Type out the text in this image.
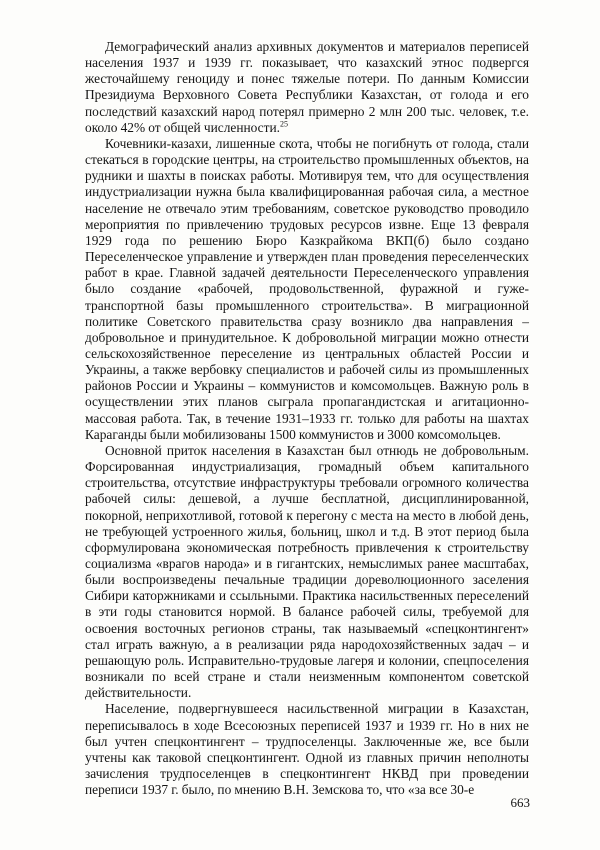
Демографический анализ архивных документов и материалов переписей населения 1937 и 1939 гг. показывает, что казахский этнос подвергся жесточайшему геноциду и понес тяжелые потери. По данным Комиссии Президиума Верховного Совета Республики Казахстан, от голода и его последствий казахский народ потерял примерно 2 млн 200 тыс. человек, т.е. около 42% от общей численности.$^{25}$

Кочевники-казахи, лишенные скота, чтобы не погибнуть от голода, стали стекаться в городские центры, на строительство промышленных объектов, на рудники и шахты в поисках работы. Мотивируя тем, что для осуществления индустриализации нужна была квалифицированная рабочая сила, а местное население не отвечало этим требованиям, советское руководство проводило мероприятия по привлечению трудовых ресурсов извне. Еще 13 февраля 1929 года по решению Бюро Казкрайкома ВКП(б) было создано Переселенческое управление и утвержден план проведения переселенческих работ в крае. Главной задачей деятельности Переселенческого управления было создание «рабочей, продовольственной, фуражной и гуже-транспортной базы промышленного строительства». В миграционной политике Советского правительства сразу возникло два направления – добровольное и принудительное. К добровольной миграции можно отнести сельскохозяйственное переселение из центральных областей России и Украины, а также вербовку специалистов и рабочей силы из промышленных районов России и Украины – коммунистов и комсомольцев. Важную роль в осуществлении этих планов сыграла пропагандистская и агитационно-массовая работа. Так, в течение 1931–1933 гг. только для работы на шахтах Караганды были мобилизованы 1500 коммунистов и 3000 комсомольцев.

Основной приток населения в Казахстан был отнюдь не добровольным. Форсированная индустриализация, громадный объем капитального строительства, отсутствие инфраструктуры требовали огромного количества рабочей силы: дешевой, а лучше бесплатной, дисциплинированной, покорной, неприхотливой, готовой к перегону с места на место в любой день, не требующей устроенного жилья, больниц, школ и т.д. В этот период была сформулирована экономическая потребность привлечения к строительству социализма «врагов народа» и в гигантских, немыслимых ранее масштабах, были воспроизведены печальные традиции дореволюционного заселения Сибири каторжниками и ссыльными. Практика насильственных переселений в эти годы становится нормой. В балансе рабочей силы, требуемой для освоения восточных регионов страны, так называемый «спецконтингент» стал играть важную, а в реализации ряда народохозяйственных задач – и решающую роль. Исправительно-трудовые лагеря и колонии, спецпоселения возникали по всей стране и стали неизменным компонентом советской действительности.

Население, подвергнувшееся насильственной миграции в Казахстан, переписывалось в ходе Всесоюзных переписей 1937 и 1939 гг. Но в них не был учтен спецконтингент – трудпоселенцы. Заключенные же, все были учтены как таковой спецконтингент. Одной из главных причин неполноты зачисления трудпоселенцев в спецконтингент НКВД при проведении переписи 1937 г. было, по мнению В.Н. Земскова то, что «за все 30-е

663
